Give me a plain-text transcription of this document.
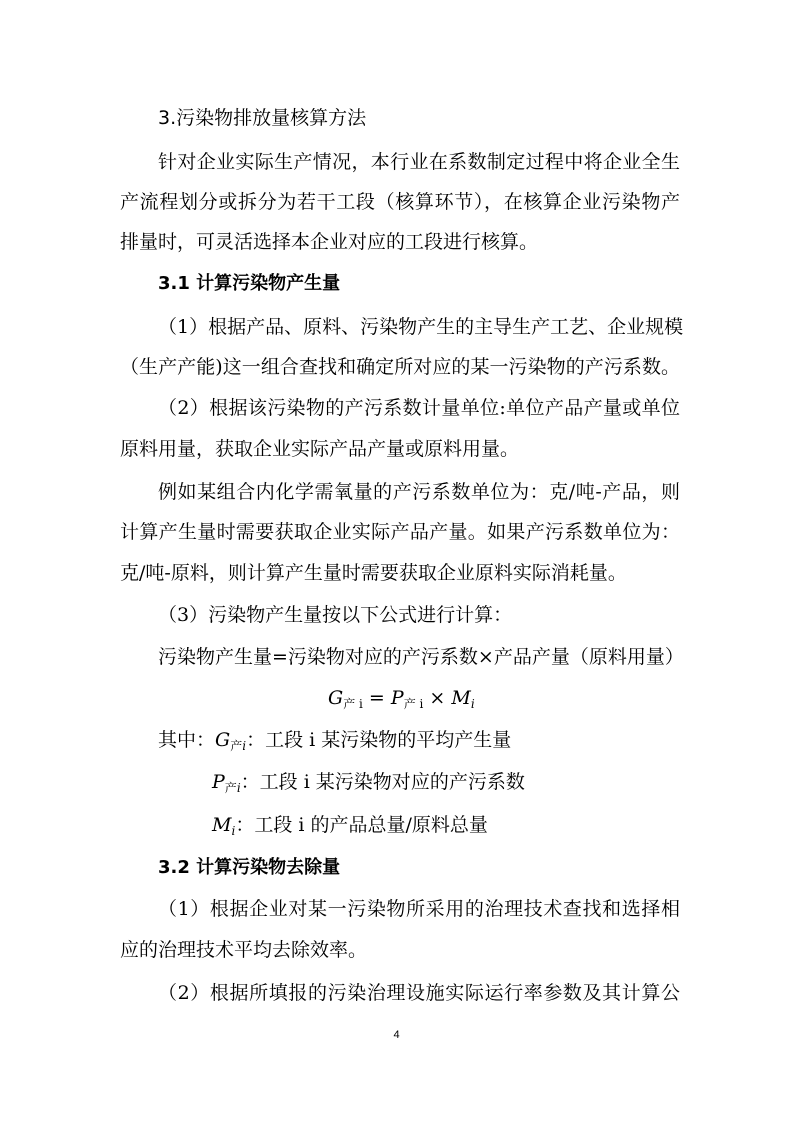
3.污染物排放量核算方法
针对企业实际生产情况，本行业在系数制定过程中将企业全生
产流程划分或拆分为若干工段（核算环节），在核算企业污染物产
排量时，可灵活选择本企业对应的工段进行核算。
3.1 计算污染物产生量
（1）根据产品、原料、污染物产生的主导生产工艺、企业规模
（生产产能)这一组合查找和确定所对应的某一污染物的产污系数。
（2）根据该污染物的产污系数计量单位:单位产品产量或单位
原料用量，获取企业实际产品产量或原料用量。
例如某组合内化学需氧量的产污系数单位为：克/吨-产品，则
计算产生量时需要获取企业实际产品产量。如果产污系数单位为：
克/吨-原料，则计算产生量时需要获取企业原料实际消耗量。
（3）污染物产生量按以下公式进行计算：
污染物产生量=污染物对应的产污系数×产品产量（原料用量）
$G_{产 i} = P_{产 i} \times M_i$
其中：$G_{产i}$：工段 i 某污染物的平均产生量
$P_{产i}$：工段 i 某污染物对应的产污系数
$M_i$：工段 i 的产品总量/原料总量
3.2 计算污染物去除量
（1）根据企业对某一污染物所采用的治理技术查找和选择相
应的治理技术平均去除效率。
（2）根据所填报的污染治理设施实际运行率参数及其计算公
4
